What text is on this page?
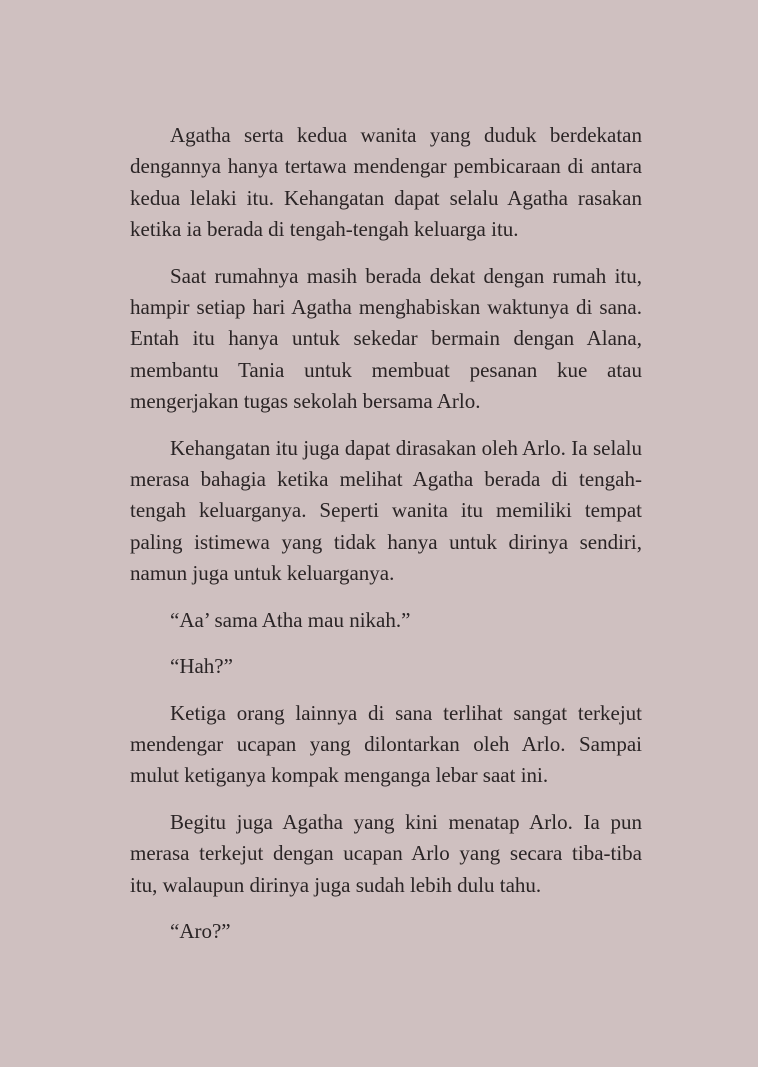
Agatha serta kedua wanita yang duduk berdekatan dengannya hanya tertawa mendengar pembicaraan di antara kedua lelaki itu. Kehangatan dapat selalu Agatha rasakan ketika ia berada di tengah-tengah keluarga itu.

Saat rumahnya masih berada dekat dengan rumah itu, hampir setiap hari Agatha menghabiskan waktunya di sana. Entah itu hanya untuk sekedar bermain dengan Alana, membantu Tania untuk membuat pesanan kue atau mengerjakan tugas sekolah bersama Arlo.

Kehangatan itu juga dapat dirasakan oleh Arlo. Ia selalu merasa bahagia ketika melihat Agatha berada di tengah-tengah keluarganya. Seperti wanita itu memiliki tempat paling istimewa yang tidak hanya untuk dirinya sendiri, namun juga untuk keluarganya.

“Aa’ sama Atha mau nikah.”

“Hah?”

Ketiga orang lainnya di sana terlihat sangat terkejut mendengar ucapan yang dilontarkan oleh Arlo. Sampai mulut ketiganya kompak menganga lebar saat ini.

Begitu juga Agatha yang kini menatap Arlo. Ia pun merasa terkejut dengan ucapan Arlo yang secara tiba-tiba itu, walaupun dirinya juga sudah lebih dulu tahu.

“Aro?”
